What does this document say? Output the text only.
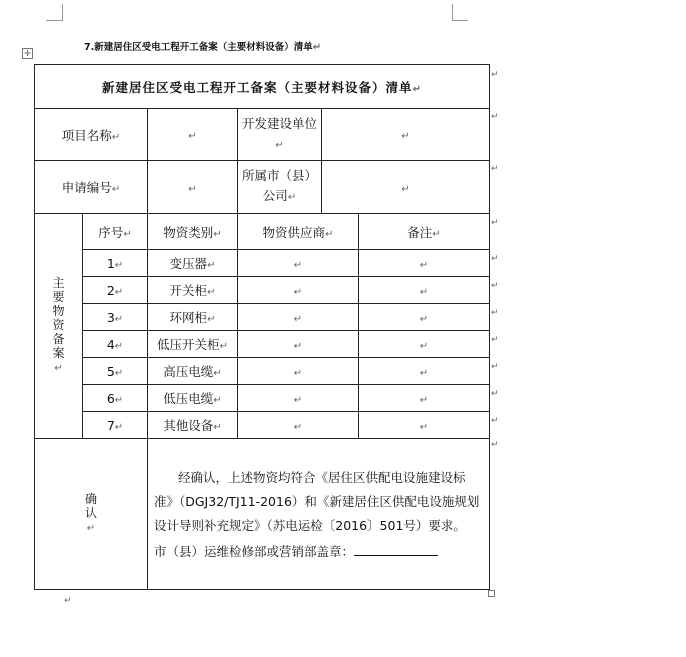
7.新建居住区受电工程开工备案（主要材料设备）清单↵
✛
新建居住区受电工程开工备案（主要材料设备）清单↵					
项目名称↵		↵	开发建设单位↵	↵	
申请编号↵		↵	所属市（县）公司↵	↵	
主要物资备案↵	序号↵	物资类别↵	物资供应商↵		备注↵
	1↵	变压器↵	↵		↵
	2↵	开关柜↵	↵		↵
	3↵	环网柜↵	↵		↵
	4↵	低压开关柜↵	↵		↵
	5↵	高压电缆↵	↵		↵
	6↵	低压电缆↵	↵		↵
	7↵	其他设备↵	↵		↵
确认↵		经确认，上述物资均符合《居住区供配电设施建设标准》（DGJ32/TJ11-2016）和《新建居住区供配电设施规划设计导则补充规定》（苏电运检〔2016〕501号）要求。

市（县）运维检修部或营销部盖章：			

↵
↵
↵
↵
↵
↵
↵
↵
↵
↵
↵
↵
↵
